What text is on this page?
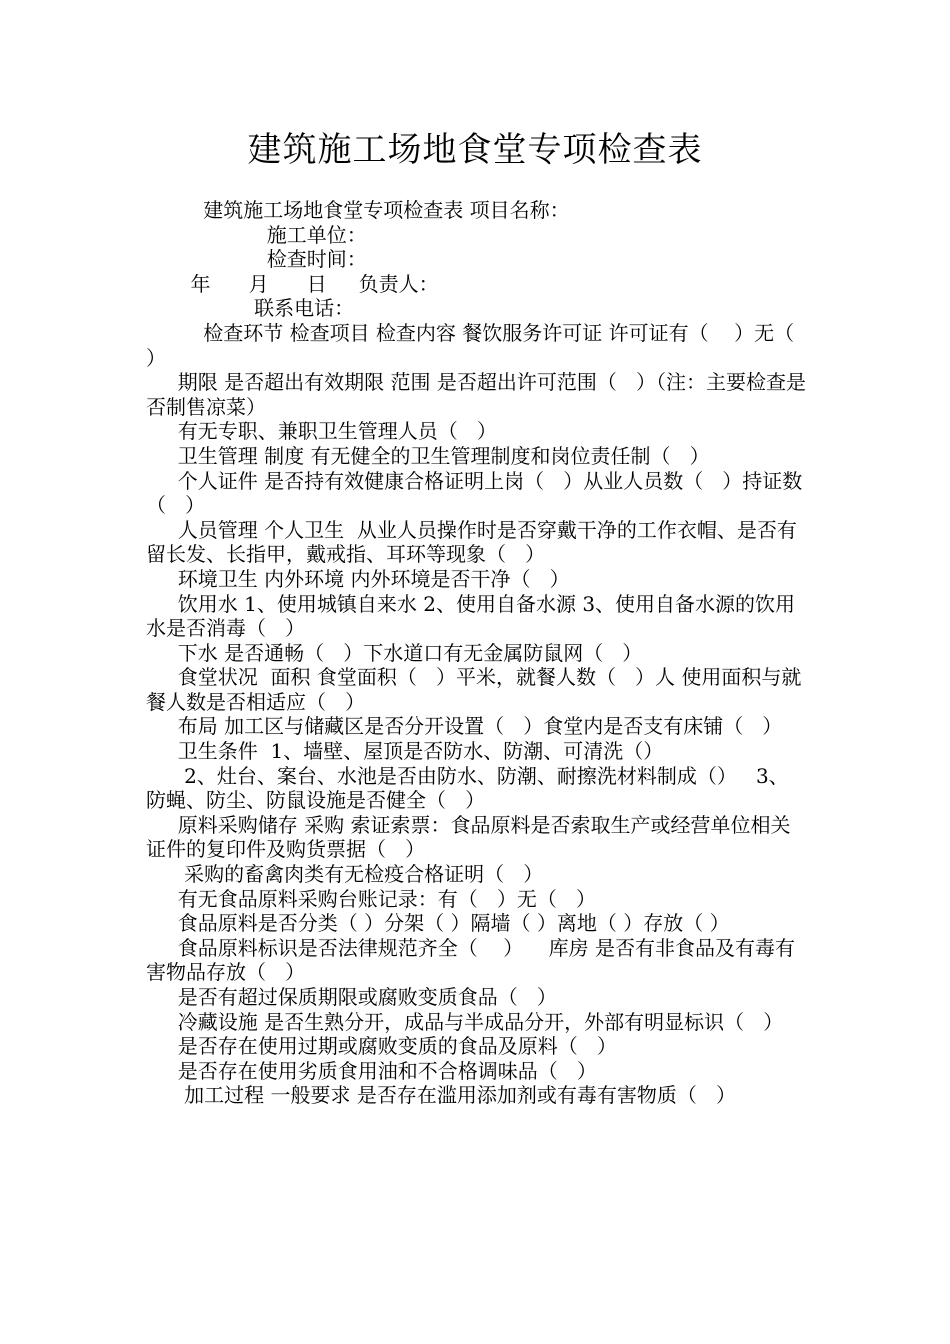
建筑施工场地食堂专项检查表
建筑施工场地食堂专项检查表 项目名称：
施工单位：
检查时间：
年      月      日     负责人：
联系电话：
检查环节 检查项目 检查内容 餐饮服务许可证 许可证有（    ）无（   ）
期限 是否超出有效期限 范围 是否超出许可范围（   ）（注：主要检查是否制售凉菜）
有无专职、兼职卫生管理人员（   ）
卫生管理 制度 有无健全的卫生管理制度和岗位责任制（   ）
个人证件 是否持有效健康合格证明上岗（   ）从业人员数（   ）持证数（   ）
人员管理 个人卫生  从业人员操作时是否穿戴干净的工作衣帽、是否有留长发、长指甲，戴戒指、耳环等现象（   ）
环境卫生 内外环境 内外环境是否干净（   ）
饮用水 1、使用城镇自来水 2、使用自备水源 3、使用自备水源的饮用水是否消毒（   ）
下水 是否通畅（   ）下水道口有无金属防鼠网（   ）
食堂状况  面积 食堂面积（   ）平米，就餐人数（   ）人 使用面积与就餐人数是否相适应（   ）
布局 加工区与储藏区是否分开设置（   ）食堂内是否支有床铺（   ）
卫生条件  1、墙壁、屋顶是否防水、防潮、可清洗（）
2、灶台、案台、水池是否由防水、防潮、耐擦洗材料制成（）   3、防蝇、防尘、防鼠设施是否健全（   ）
原料采购储存 采购 索证索票：食品原料是否索取生产或经营单位相关证件的复印件及购货票据（   ）
采购的畜禽肉类有无检疫合格证明（   ）
有无食品原料采购台账记录：有（   ）无（   ）
食品原料是否分类（ ）分架（ ）隔墙（ ）离地（ ）存放（ ）
食品原料标识是否法律规范齐全（    ）    库房 是否有非食品及有毒有害物品存放（   ）
是否有超过保质期限或腐败变质食品（   ）
冷藏设施 是否生熟分开，成品与半成品分开，外部有明显标识（   ）
是否存在使用过期或腐败变质的食品及原料（   ）
是否存在使用劣质食用油和不合格调味品（   ）
加工过程 一般要求 是否存在滥用添加剂或有毒有害物质（   ）
